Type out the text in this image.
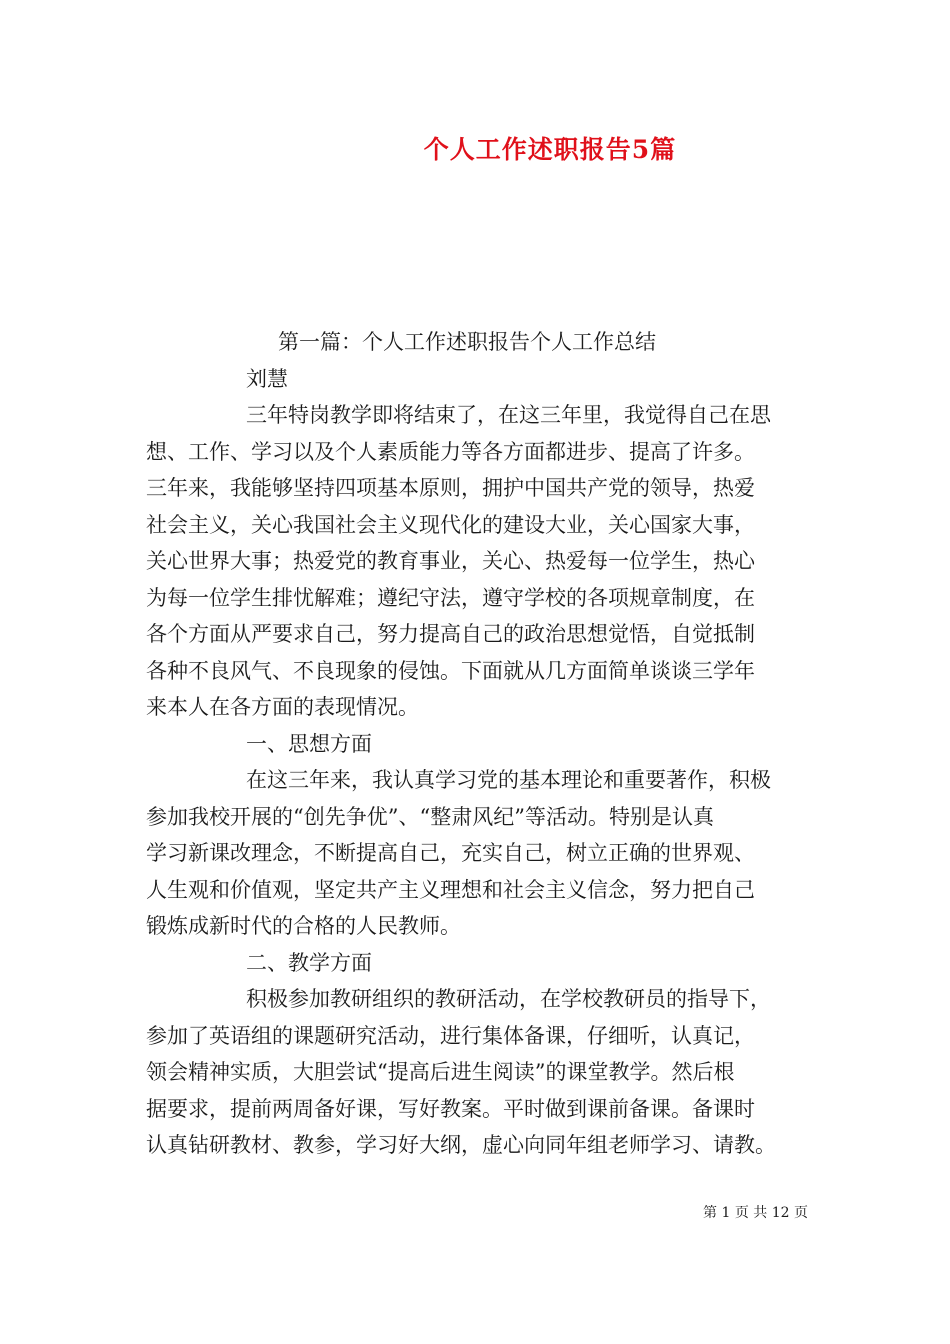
个人工作述职报告5篇
第一篇：个人工作述职报告个人工作总结
刘慧
三年特岗教学即将结束了，在这三年里，我觉得自己在思
想、工作、学习以及个人素质能力等各方面都进步、提高了许多。
三年来，我能够坚持四项基本原则，拥护中国共产党的领导，热爱
社会主义，关心我国社会主义现代化的建设大业，关心国家大事，
关心世界大事；热爱党的教育事业，关心、热爱每一位学生，热心
为每一位学生排忧解难；遵纪守法，遵守学校的各项规章制度，在
各个方面从严要求自己，努力提高自己的政治思想觉悟，自觉抵制
各种不良风气、不良现象的侵蚀。下面就从几方面简单谈谈三学年
来本人在各方面的表现情况。
一、思想方面
在这三年来，我认真学习党的基本理论和重要著作，积极
参加我校开展的“创先争优”、“整肃风纪”等活动。特别是认真
学习新课改理念，不断提高自己，充实自己，树立正确的世界观、
人生观和价值观，坚定共产主义理想和社会主义信念，努力把自己
锻炼成新时代的合格的人民教师。
二、教学方面
积极参加教研组织的教研活动，在学校教研员的指导下，
参加了英语组的课题研究活动，进行集体备课，仔细听，认真记，
领会精神实质，大胆尝试“提高后进生阅读”的课堂教学。然后根
据要求，提前两周备好课，写好教案。平时做到课前备课。备课时
认真钻研教材、教参，学习好大纲，虚心向同年组老师学习、请教。
第 1 页 共 12 页
